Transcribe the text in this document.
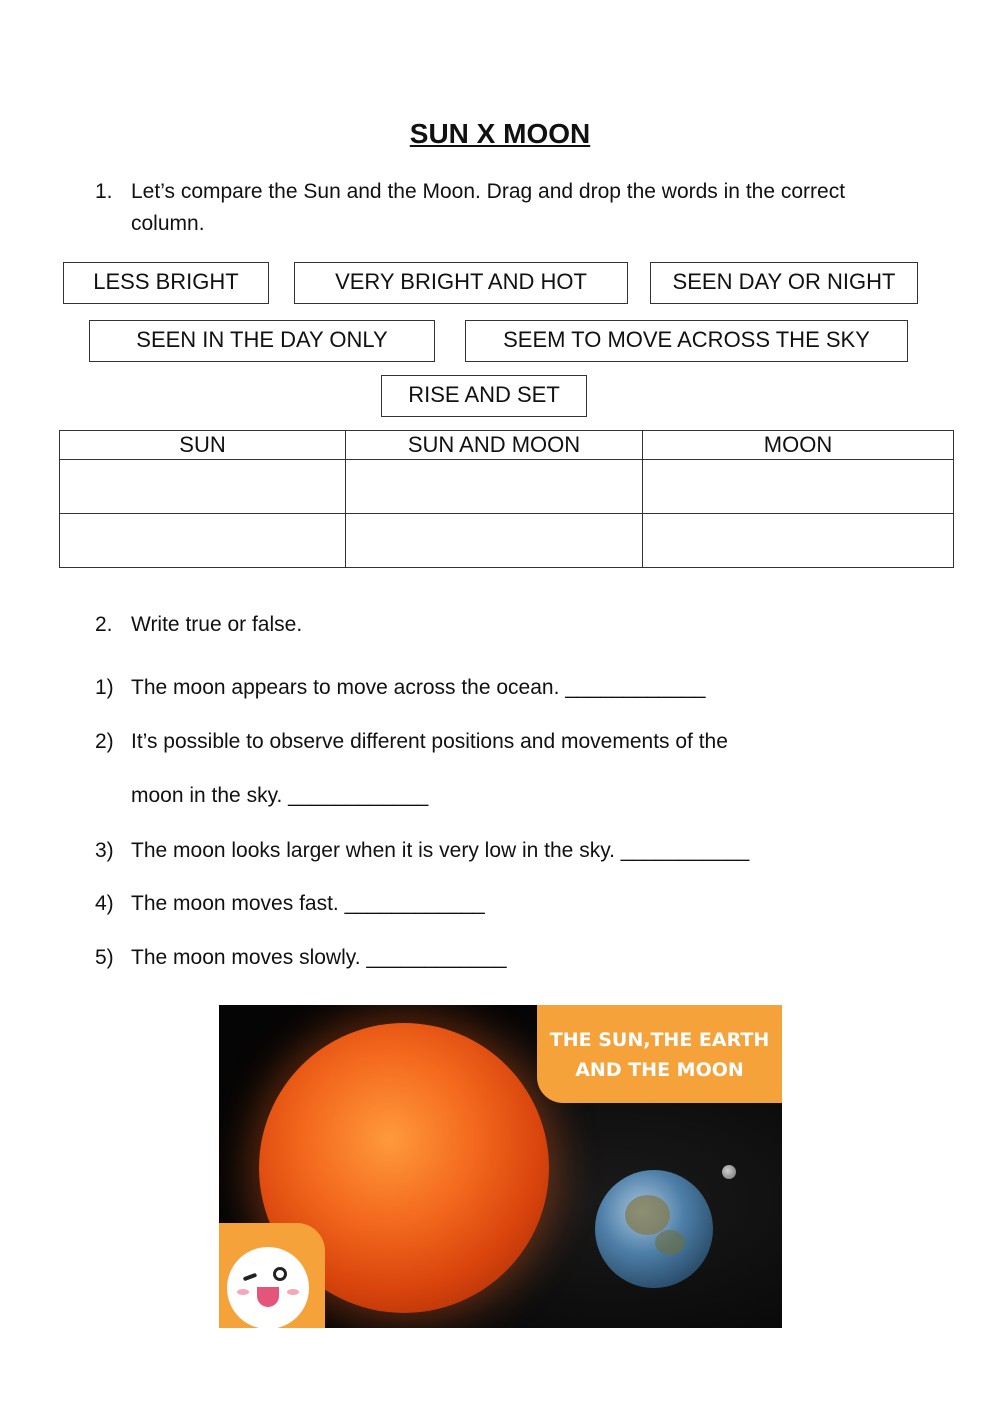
SUN X MOON
1. Let’s compare the Sun and the Moon. Drag and drop the words in the correct column.
LESS BRIGHT	VERY BRIGHT AND HOT	SEEN DAY OR NIGHT
SEEN IN THE DAY ONLY	SEEM TO MOVE ACROSS THE SKY
RISE AND SET
SUN	SUN AND MOON	MOON

2. Write true or false.
1) The moon appears to move across the ocean. ____________
2) It’s possible to observe different positions and movements of the
moon in the sky. ____________
3) The moon looks larger when it is very low in the sky. ___________
4) The moon moves fast. ____________
5) The moon moves slowly. ____________
THE SUN,THE EARTH
AND THE MOON
